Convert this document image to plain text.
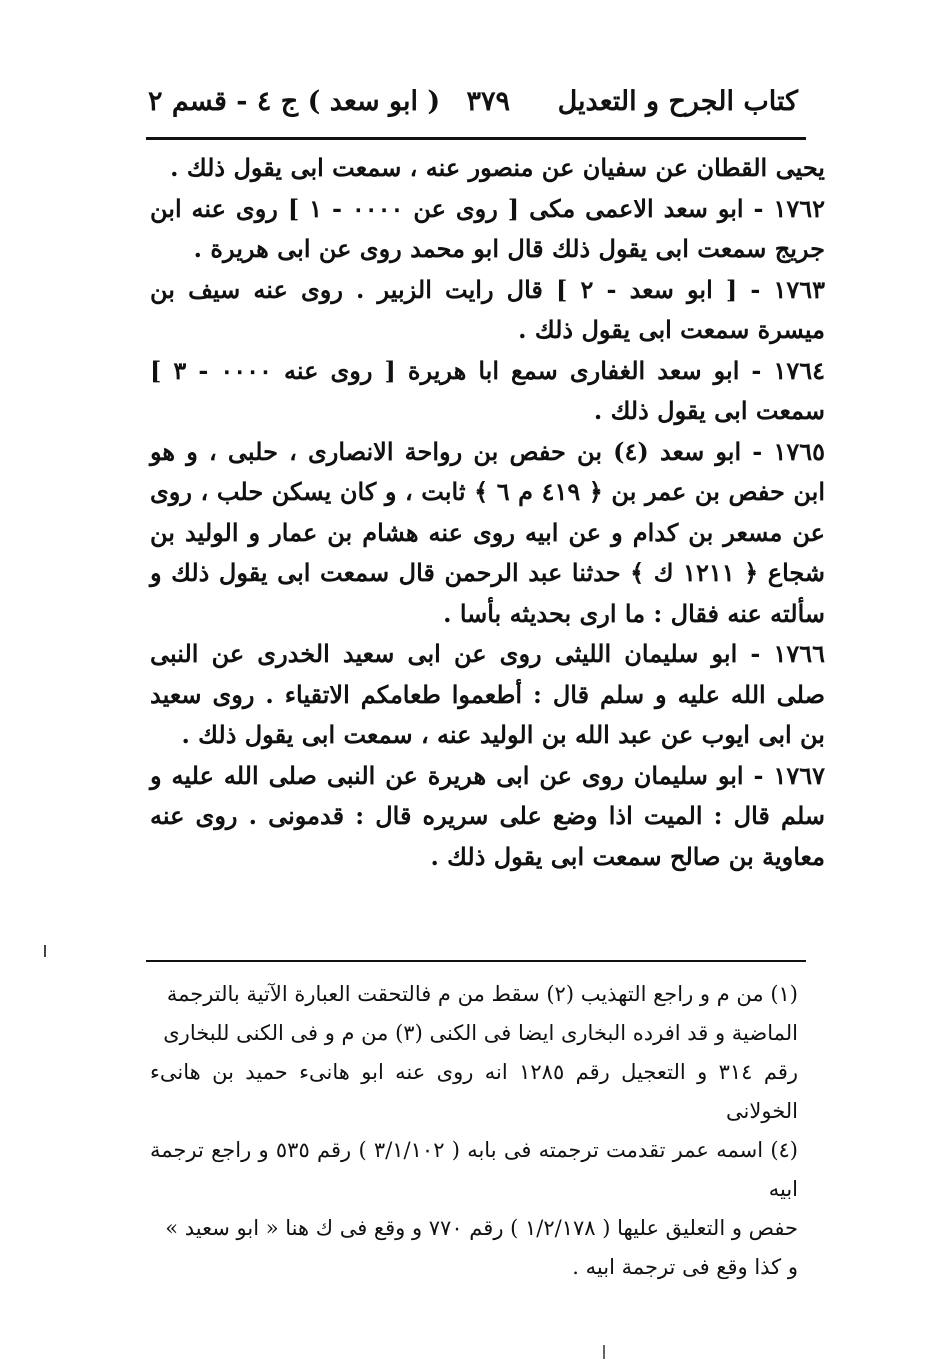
كتاب الجرح و التعديل
٣٧٩
( ابو سعد ) ج ٤ - قسم ٢

يحيى القطان عن سفيان عن منصور عنه ، سمعت ابى يقول ذلك .

١٧٦٢ - ابو سعد الاعمى مكى [ روى عن ٠٠٠٠ - ١ ] روى عنه ابن جريج سمعت ابى يقول ذلك قال ابو محمد روى عن ابى هريرة .

١٧٦٣ - [ ابو سعد - ٢ ] قال رايت الزبير . روى عنه سيف بن ميسرة سمعت ابى يقول ذلك .

١٧٦٤ - ابو سعد الغفارى سمع ابا هريرة [ روى عنه ٠٠٠٠ - ٣ ] سمعت ابى يقول ذلك .

١٧٦٥ - ابو سعد (٤) بن حفص بن رواحة الانصارى ، حلبى ، و هو ابن حفص بن عمر بن ﴿ ٤١٩ م ٦ ﴾ ثابت ، و كان يسكن حلب ، روى عن مسعر بن كدام و عن ابيه روى عنه هشام بن عمار و الوليد بن شجاع ﴿ ١٢١١ ك ﴾ حدثنا عبد الرحمن قال سمعت ابى يقول ذلك و سألته عنه فقال : ما ارى بحديثه بأسا .

١٧٦٦ - ابو سليمان الليثى روى عن ابى سعيد الخدرى عن النبى صلى الله عليه و سلم قال : أطعموا طعامكم الاتقياء . روى سعيد بن ابى ايوب عن عبد الله بن الوليد عنه ، سمعت ابى يقول ذلك .

١٧٦٧ - ابو سليمان روى عن ابى هريرة عن النبى صلى الله عليه و سلم قال : الميت اذا وضع على سريره قال : قدمونى . روى عنه معاوية بن صالح سمعت ابى يقول ذلك .

(١) من م و راجع التهذيب (٢) سقط من م فالتحقت العبارة الآتية بالترجمة

الماضية و قد افرده البخارى ايضا فى الكنى (٣) من م و فى الكنى للبخارى

رقم ٣١٤ و التعجيل رقم ١٢٨٥ انه روى عنه ابو هانىء حميد بن هانىء الخولانى

(٤) اسمه عمر تقدمت ترجمته فى بابه ( ٣/١/١٠٢ ) رقم ٥٣٥ و راجع ترجمة ابيه

حفص و التعليق عليها ( ١/٢/١٧٨ ) رقم ٧٧٠ و وقع فى ك هنا « ابو سعيد »

و كذا وقع فى ترجمة ابيه .
